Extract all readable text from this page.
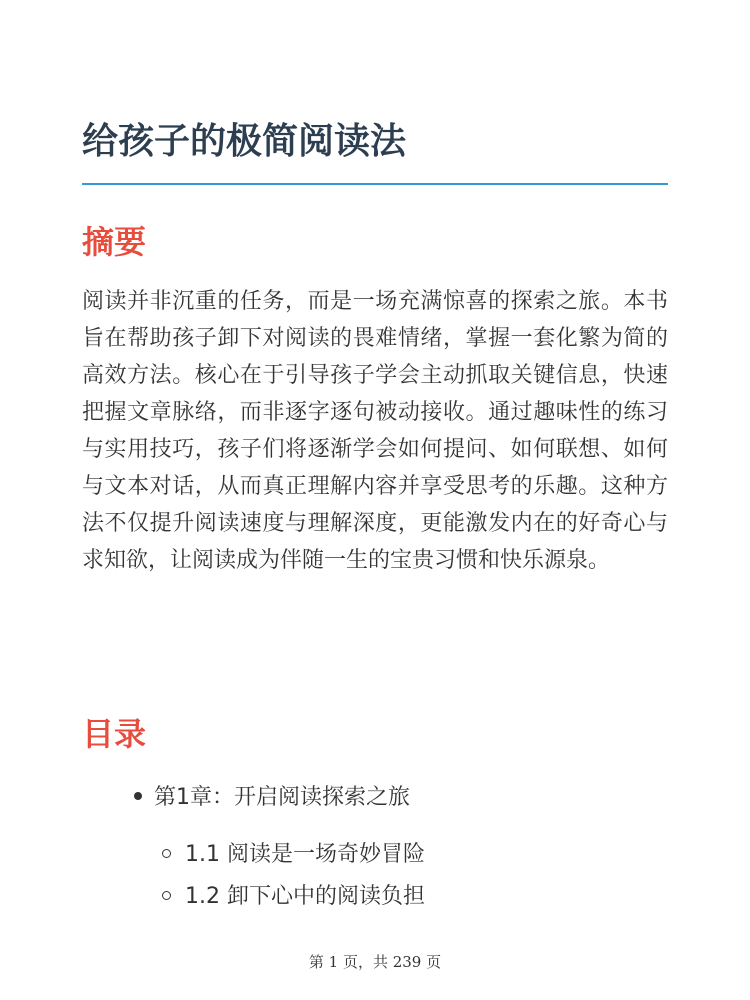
给孩子的极简阅读法
摘要

阅读并非沉重的任务，而是一场充满惊喜的探索之旅。本书旨在帮助孩子卸下对阅读的畏难情绪，掌握一套化繁为简的高效方法。核心在于引导孩子学会主动抓取关键信息，快速把握文章脉络，而非逐字逐句被动接收。通过趣味性的练习与实用技巧，孩子们将逐渐学会如何提问、如何联想、如何与文本对话，从而真正理解内容并享受思考的乐趣。这种方法不仅提升阅读速度与理解深度，更能激发内在的好奇心与求知欲，让阅读成为伴随一生的宝贵习惯和快乐源泉。

目录
第1章：开启阅读探索之旅
1.1 阅读是一场奇妙冒险
1.2 卸下心中的阅读负担
第 1 页，共 239 页
